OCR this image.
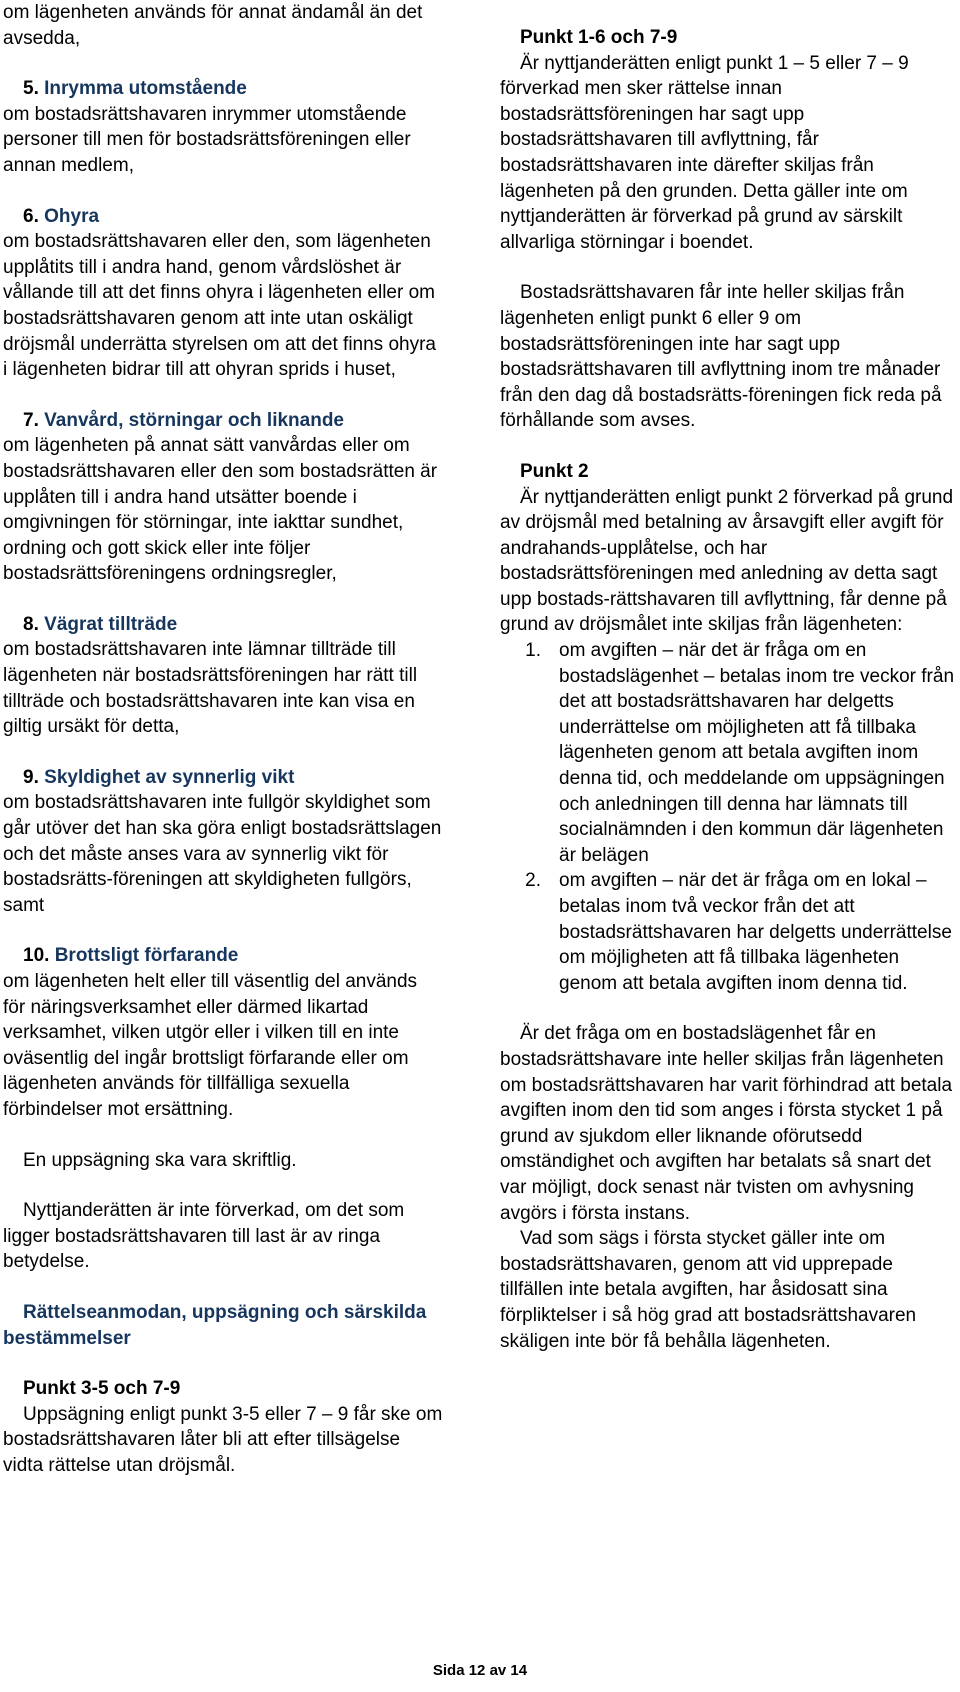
om lägenheten används för annat ändamål än det avsedda,

5. Inrymma utomstående

om bostadsrättshavaren inrymmer utomstående personer till men för bostadsrättsföreningen eller annan medlem,

6. Ohyra

om bostadsrättshavaren eller den, som lägenheten upplåtits till i andra hand, genom vårdslöshet är vållande till att det finns ohyra i lägenheten eller om bostadsrättshavaren genom att inte utan oskäligt dröjsmål underrätta styrelsen om att det finns ohyra i lägenheten bidrar till att ohyran sprids i huset,

7. Vanvård, störningar och liknande

om lägenheten på annat sätt vanvårdas eller om bostadsrättshavaren eller den som bostadsrätten är upplåten till i andra hand utsätter boende i omgivningen för störningar, inte iakttar sundhet, ordning och gott skick eller inte följer bostadsrättsföreningens ordningsregler,

8. Vägrat tillträde

om bostadsrättshavaren inte lämnar tillträde till lägenheten när bostadsrättsföreningen har rätt till tillträde och bostadsrättshavaren inte kan visa en giltig ursäkt för detta,

9. Skyldighet av synnerlig vikt

om bostadsrättshavaren inte fullgör skyldighet som går utöver det han ska göra enligt bostadsrättslagen och det måste anses vara av synnerlig vikt för bostadsrätts-föreningen att skyldigheten fullgörs, samt

10. Brottsligt förfarande

om lägenheten helt eller till väsentlig del används för näringsverksamhet eller därmed likartad verksamhet, vilken utgör eller i vilken till en inte oväsentlig del ingår brottsligt förfarande eller om lägenheten används för tillfälliga sexuella förbindelser mot ersättning.

En uppsägning ska vara skriftlig.

Nyttjanderätten är inte förverkad, om det som ligger bostadsrättshavaren till last är av ringa betydelse.

Rättelseanmodan, uppsägning och särskilda bestämmelser

Punkt 3-5 och 7-9

Uppsägning enligt punkt 3-5 eller 7 – 9 får ske om bostadsrättshavaren låter bli att efter tillsägelse vidta rättelse utan dröjsmål.

Punkt 1-6 och 7-9

Är nyttjanderätten enligt punkt 1 – 5 eller 7 – 9 förverkad men sker rättelse innan bostadsrättsföreningen har sagt upp bostadsrättshavaren till avflyttning, får bostadsrättshavaren inte därefter skiljas från lägenheten på den grunden. Detta gäller inte om nyttjanderätten är förverkad på grund av särskilt allvarliga störningar i boendet.

Bostadsrättshavaren får inte heller skiljas från lägenheten enligt punkt 6 eller 9 om bostadsrättsföreningen inte har sagt upp bostadsrättshavaren till avflyttning inom tre månader från den dag då bostadsrätts-föreningen fick reda på förhållande som avses.

Punkt 2

Är nyttjanderätten enligt punkt 2 förverkad på grund av dröjsmål med betalning av årsavgift eller avgift för andrahands-upplåtelse, och har bostadsrättsföreningen med anledning av detta sagt upp bostads-rättshavaren till avflyttning, får denne på grund av dröjsmålet inte skiljas från lägenheten:

1. om avgiften – när det är fråga om en bostadslägenhet – betalas inom tre veckor från det att bostadsrättshavaren har delgetts underrättelse om möjligheten att få tillbaka lägenheten genom att betala avgiften inom denna tid, och meddelande om uppsägningen och anledningen till denna har lämnats till socialnämnden i den kommun där lägenheten är belägen
2. om avgiften – när det är fråga om en lokal – betalas inom två veckor från det att bostadsrättshavaren har delgetts underrättelse om möjligheten att få tillbaka lägenheten genom att betala avgiften inom denna tid.

Är det fråga om en bostadslägenhet får en bostadsrättshavare inte heller skiljas från lägenheten om bostadsrättshavaren har varit förhindrad att betala avgiften inom den tid som anges i första stycket 1 på grund av sjukdom eller liknande oförutsedd omständighet och avgiften har betalats så snart det var möjligt, dock senast när tvisten om avhysning avgörs i första instans.

Vad som sägs i första stycket gäller inte om bostadsrättshavaren, genom att vid upprepade tillfällen inte betala avgiften, har åsidosatt sina förpliktelser i så hög grad att bostadsrättshavaren skäligen inte bör få behålla lägenheten.

Sida 12 av 14
